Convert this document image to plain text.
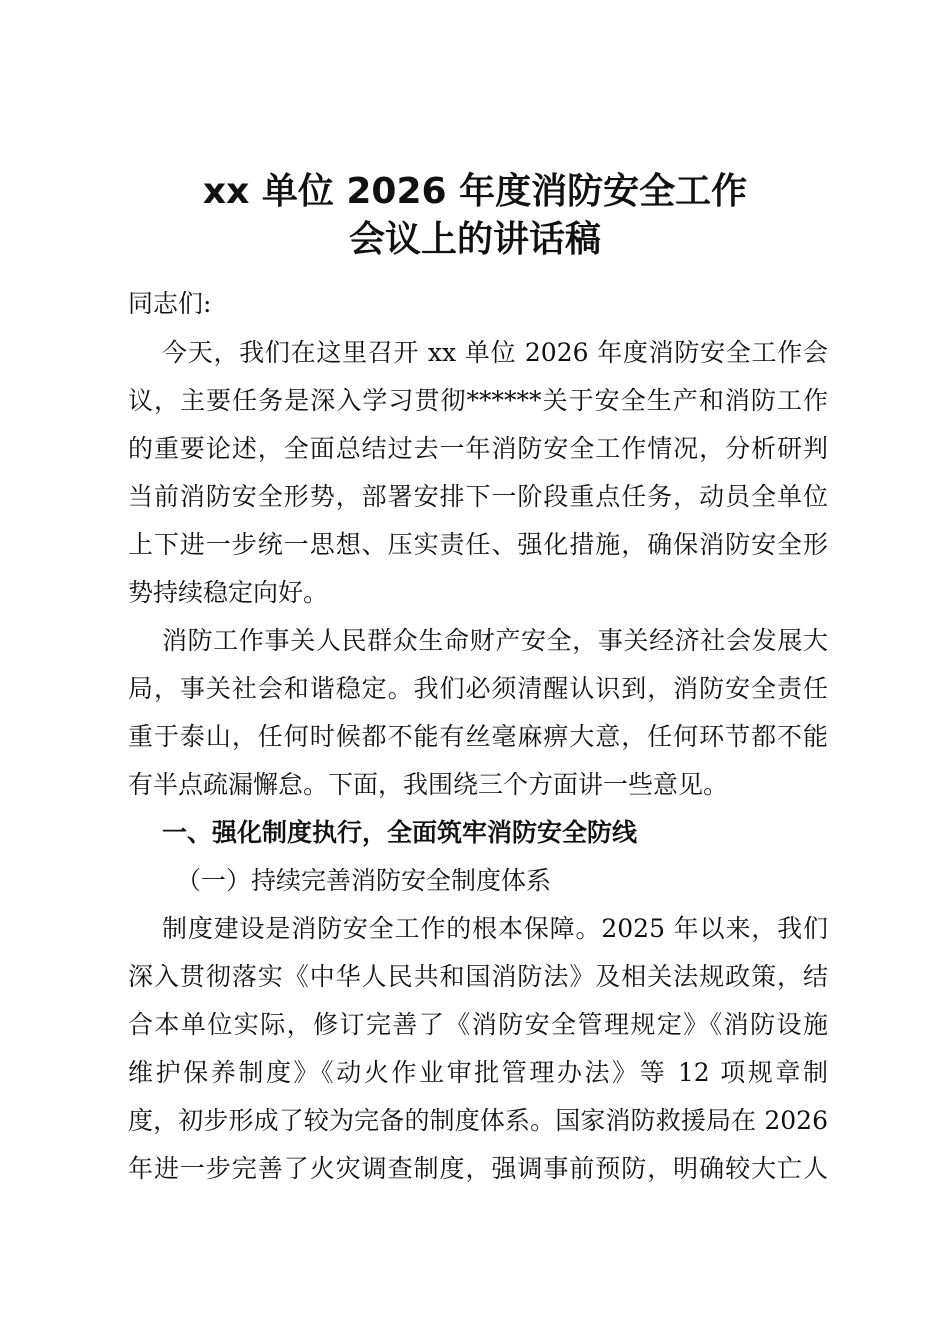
xx 单位 2026 年度消防安全工作
会议上的讲话稿
同志们:
今天，我们在这里召开 xx 单位 2026 年度消防安全工作会
议，主要任务是深入学习贯彻******关于安全生产和消防工作
的重要论述，全面总结过去一年消防安全工作情况，分析研判
当前消防安全形势，部署安排下一阶段重点任务，动员全单位
上下进一步统一思想、压实责任、强化措施，确保消防安全形
势持续稳定向好。
消防工作事关人民群众生命财产安全，事关经济社会发展大
局，事关社会和谐稳定。我们必须清醒认识到，消防安全责任
重于泰山，任何时候都不能有丝毫麻痹大意，任何环节都不能
有半点疏漏懈怠。下面，我围绕三个方面讲一些意见。
一、强化制度执行，全面筑牢消防安全防线
（一）持续完善消防安全制度体系
制度建设是消防安全工作的根本保障。2025 年以来，我们
深入贯彻落实《中华人民共和国消防法》及相关法规政策，结
合本单位实际，修订完善了《消防安全管理规定》《消防设施
维护保养制度》《动火作业审批管理办法》等 12 项规章制
度，初步形成了较为完备的制度体系。国家消防救援局在 2026
年进一步完善了火灾调查制度，强调事前预防，明确较大亡人
